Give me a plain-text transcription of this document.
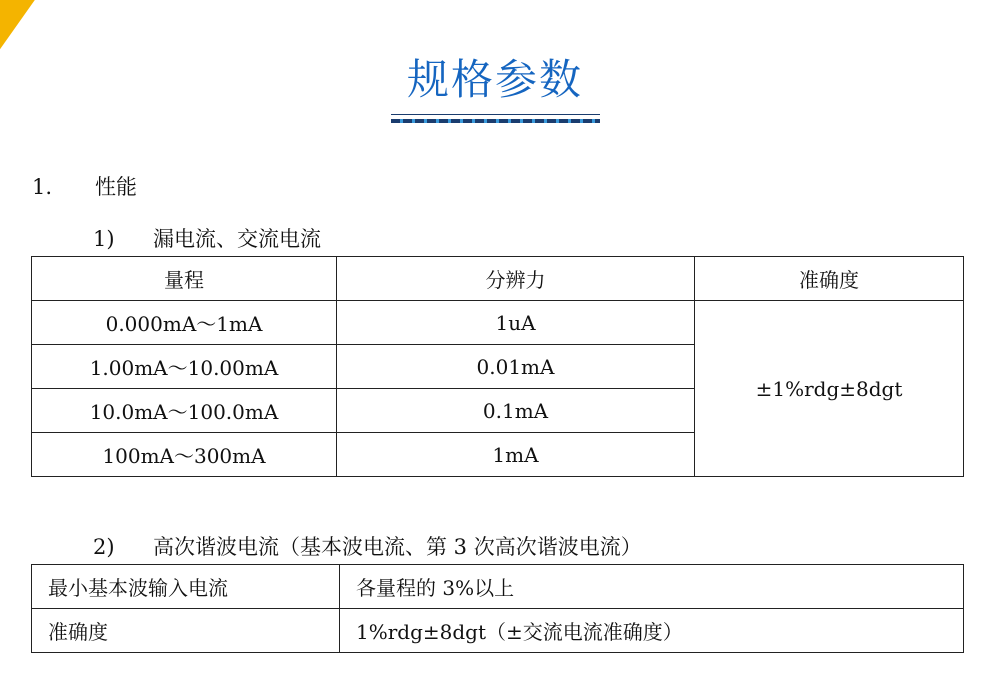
规格参数
1. 性能
1) 漏电流、交流电流
量程	分辨力	准确度
0.000mA～1mA	1uA	±1%rdg±8dgt
1.00mA～10.00mA	0.01mA	
10.0mA～100.0mA	0.1mA	
100mA～300mA	1mA	
2) 高次谐波电流（基本波电流、第 3 次高次谐波电流）
最小基本波输入电流	各量程的 3%以上
准确度	1%rdg±8dgt（±交流电流准确度）
